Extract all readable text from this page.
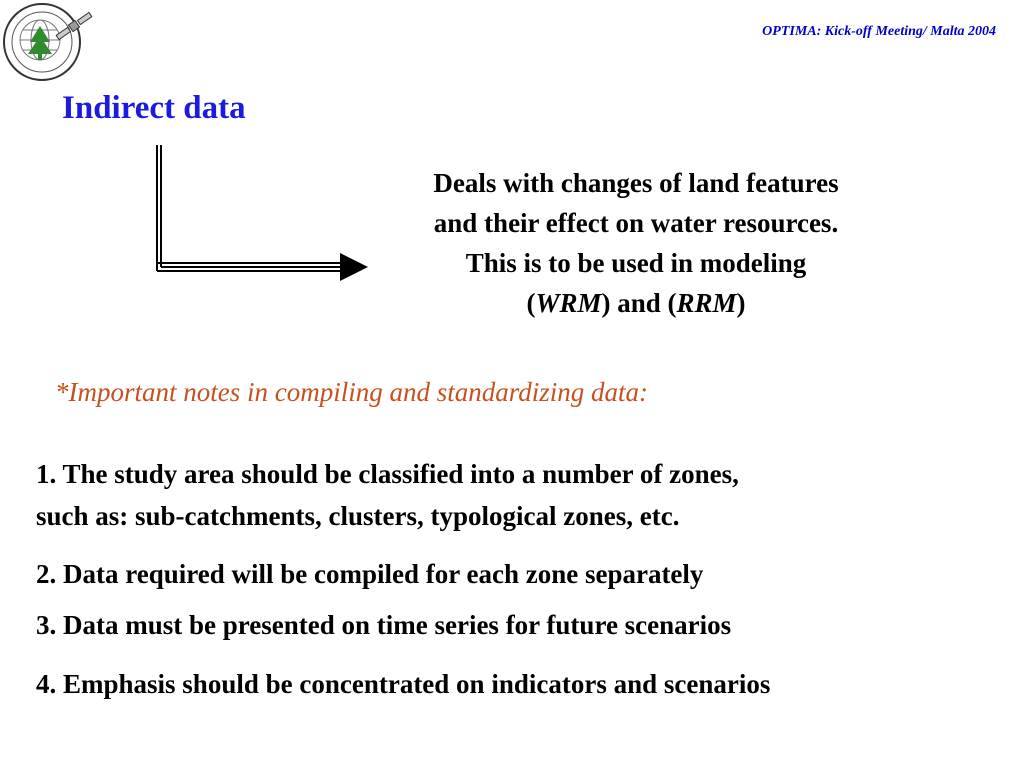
OPTIMA: Kick-off Meeting/ Malta 2004
Indirect data
Deals with changes of land features
and their effect on water resources.
This is to be used in modeling
(WRM) and (RRM)
*Important notes in compiling and standardizing data:
1. The study area should be classified into a number of zones,
such as: sub-catchments, clusters, typological zones, etc.
2. Data required will be compiled for each zone separately
3. Data must be presented on time series for future scenarios
4. Emphasis should be concentrated on indicators and scenarios
